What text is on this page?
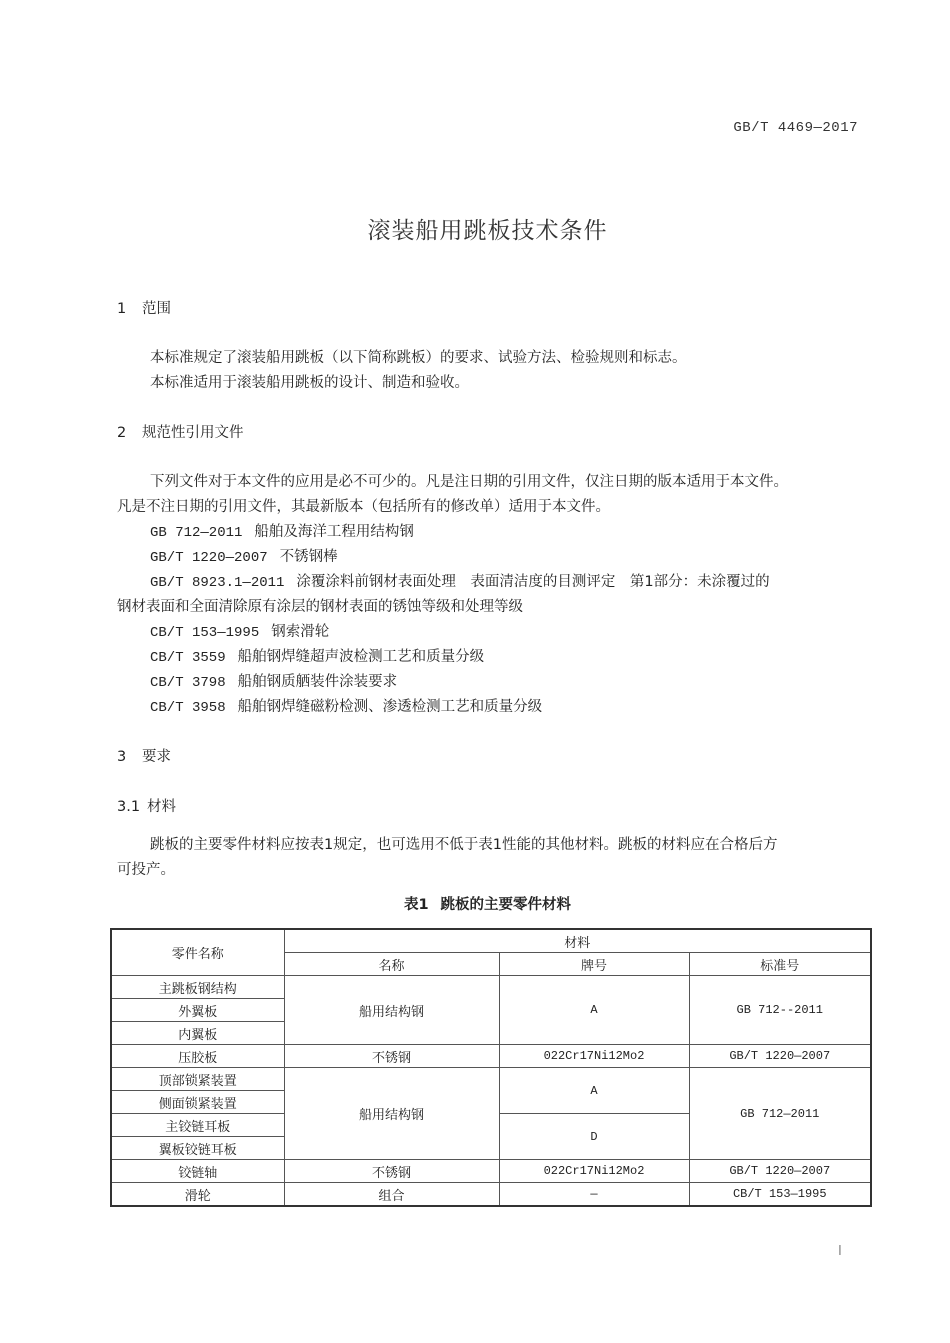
GB/T 4469—2017
滚装船用跳板技术条件
1 范围
本标准规定了滚装船用跳板（以下简称跳板）的要求、试验方法、检验规则和标志。
本标准适用于滚装船用跳板的设计、制造和验收。
2 规范性引用文件
下列文件对于本文件的应用是必不可少的。凡是注日期的引用文件，仅注日期的版本适用于本文件。
凡是不注日期的引用文件，其最新版本（包括所有的修改单）适用于本文件。
GB 712—2011 船舶及海洋工程用结构钢
GB/T 1220—2007 不锈钢棒
GB/T 8923.1—2011 涂覆涂料前钢材表面处理　表面清洁度的目测评定　第1部分：未涂覆过的
钢材表面和全面清除原有涂层的钢材表面的锈蚀等级和处理等级
CB/T 153—1995 钢索滑轮
CB/T 3559 船舶钢焊缝超声波检测工艺和质量分级
CB/T 3798 船舶钢质舾装件涂装要求
CB/T 3958 船舶钢焊缝磁粉检测、渗透检测工艺和质量分级
3 要求
3.1 材料
跳板的主要零件材料应按表1规定，也可选用不低于表1性能的其他材料。跳板的材料应在合格后方
可投产。
表1 跳板的主要零件材料
零件名称	材料		
	名称	牌号	标准号
主跳板钢结构	船用结构钢	A	GB 712--2011
外翼板			
内翼板			
压胶板	不锈钢	022Cr17Ni12Mo2	GB/T 1220—2007
顶部锁紧装置	船用结构钢	A	GB 712—2011
侧面锁紧装置			
主铰链耳板		D	
翼板铰链耳板			
铰链轴	不锈钢	022Cr17Ni12Mo2	GB/T 1220—2007
滑轮	组合	—	CB/T 153—1995
I
